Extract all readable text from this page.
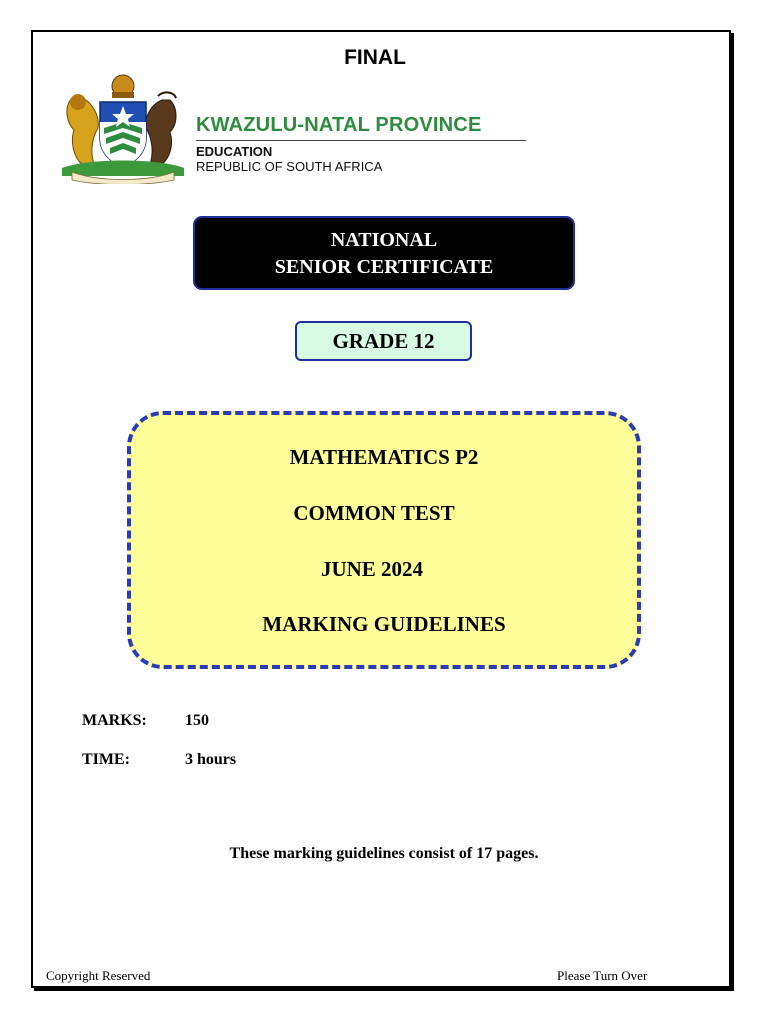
FINAL
KWAZULU-NATAL PROVINCE
EDUCATION
REPUBLIC OF SOUTH AFRICA
NATIONAL
SENIOR CERTIFICATE
GRADE 12
MATHEMATICS P2
COMMON TEST
JUNE 2024
MARKING GUIDELINES
MARKS: 150
TIME:	3 hours
These marking guidelines consist of 17 pages.
Copyright Reserved	Please Turn Over
